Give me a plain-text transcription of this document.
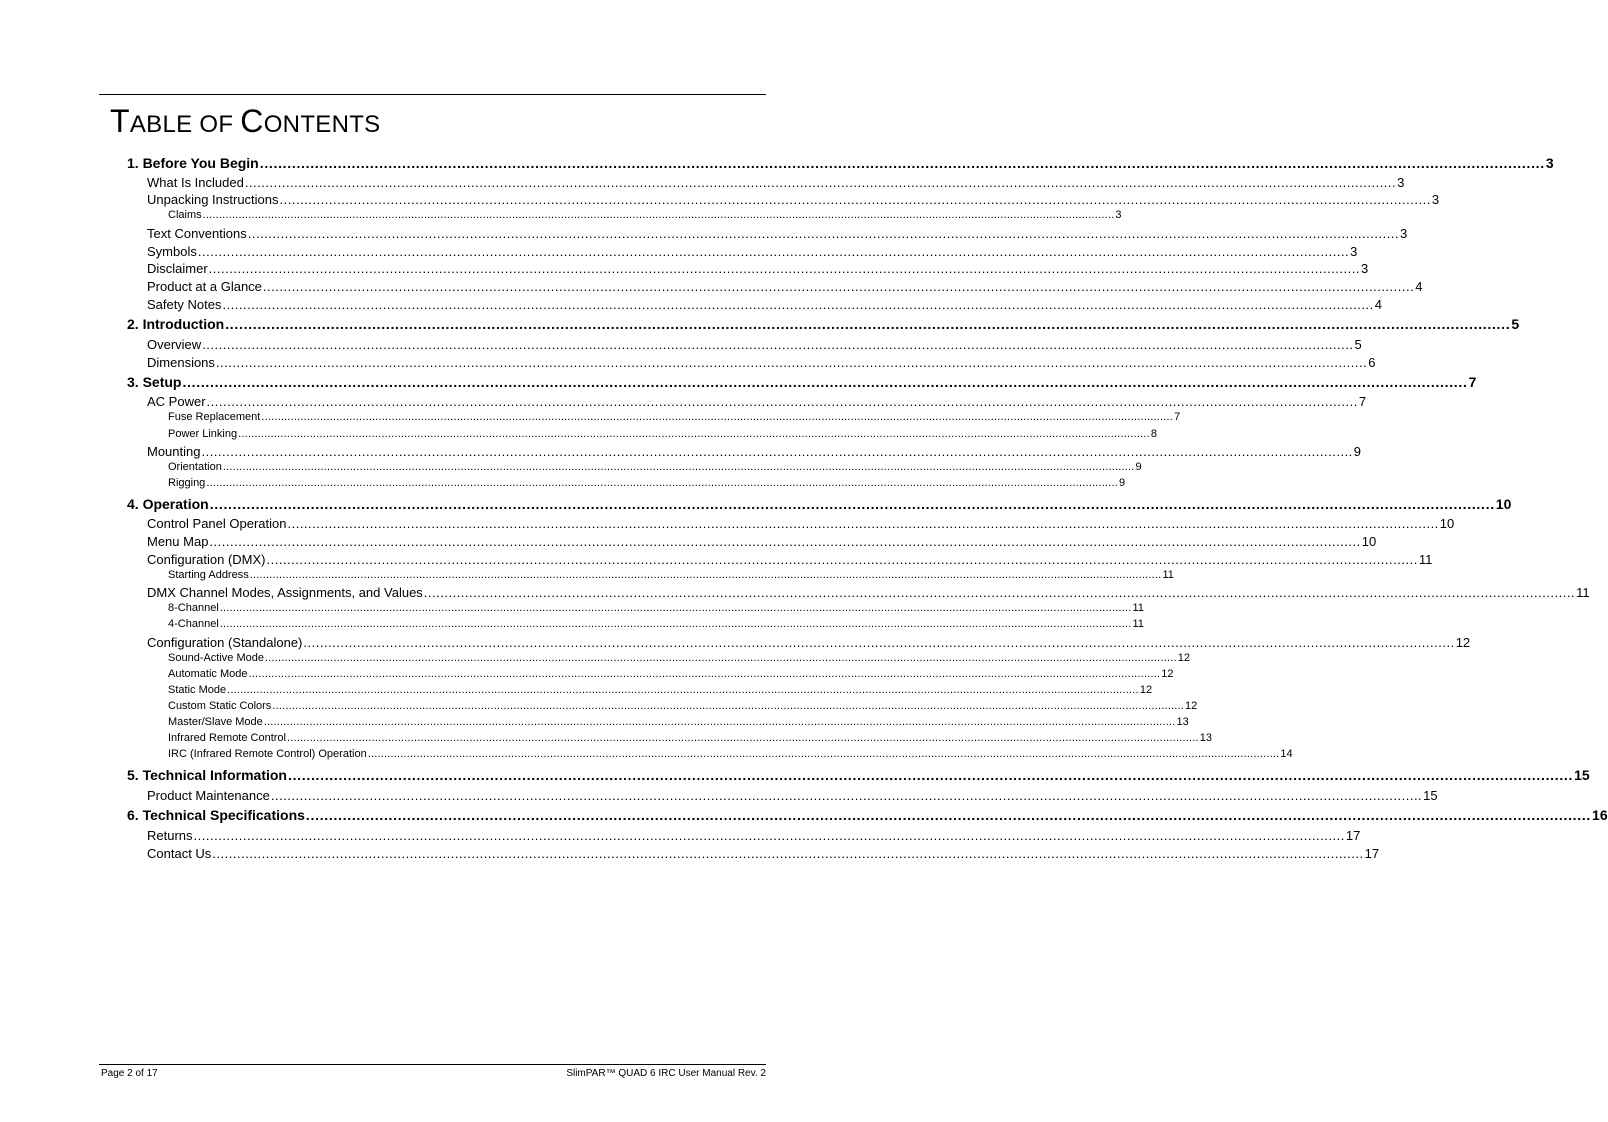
TABLE OF CONTENTS
1. Before You Begin ........................................................................................................................................................................................................................................................................................ 3
What Is Included ........................................................................................................................................................................................................................................................................................ 3
Unpacking Instructions ........................................................................................................................................................................................................................................................................................ 3
Claims ........................................................................................................................................................................................................................................................................................ 3
Text Conventions ........................................................................................................................................................................................................................................................................................ 3
Symbols ........................................................................................................................................................................................................................................................................................ 3
Disclaimer ........................................................................................................................................................................................................................................................................................ 3
Product at a Glance ........................................................................................................................................................................................................................................................................................ 4
Safety Notes ........................................................................................................................................................................................................................................................................................ 4
2. Introduction ........................................................................................................................................................................................................................................................................................ 5
Overview ........................................................................................................................................................................................................................................................................................ 5
Dimensions ........................................................................................................................................................................................................................................................................................ 6
3. Setup ........................................................................................................................................................................................................................................................................................ 7
AC Power ........................................................................................................................................................................................................................................................................................ 7
Fuse Replacement ........................................................................................................................................................................................................................................................................................ 7
Power Linking ........................................................................................................................................................................................................................................................................................ 8
Mounting ........................................................................................................................................................................................................................................................................................ 9
Orientation ........................................................................................................................................................................................................................................................................................ 9
Rigging ........................................................................................................................................................................................................................................................................................ 9
4. Operation ........................................................................................................................................................................................................................................................................................ 10
Control Panel Operation ........................................................................................................................................................................................................................................................................................ 10
Menu Map ........................................................................................................................................................................................................................................................................................ 10
Configuration (DMX) ........................................................................................................................................................................................................................................................................................ 11
Starting Address ........................................................................................................................................................................................................................................................................................ 11
DMX Channel Modes, Assignments, and Values ........................................................................................................................................................................................................................................................................................ 11
8-Channel ........................................................................................................................................................................................................................................................................................ 11
4-Channel ........................................................................................................................................................................................................................................................................................ 11
Configuration (Standalone) ........................................................................................................................................................................................................................................................................................ 12
Sound-Active Mode ........................................................................................................................................................................................................................................................................................ 12
Automatic Mode ........................................................................................................................................................................................................................................................................................ 12
Static Mode ........................................................................................................................................................................................................................................................................................ 12
Custom Static Colors ........................................................................................................................................................................................................................................................................................ 12
Master/Slave Mode ........................................................................................................................................................................................................................................................................................ 13
Infrared Remote Control ........................................................................................................................................................................................................................................................................................ 13
IRC (Infrared Remote Control) Operation ........................................................................................................................................................................................................................................................................................ 14
5. Technical Information ........................................................................................................................................................................................................................................................................................ 15
Product Maintenance ........................................................................................................................................................................................................................................................................................ 15
6. Technical Specifications ........................................................................................................................................................................................................................................................................................ 16
Returns ........................................................................................................................................................................................................................................................................................ 17
Contact Us ........................................................................................................................................................................................................................................................................................ 17
Page 2 of 17	SlimPAR™ QUAD 6 IRC User Manual Rev. 2
